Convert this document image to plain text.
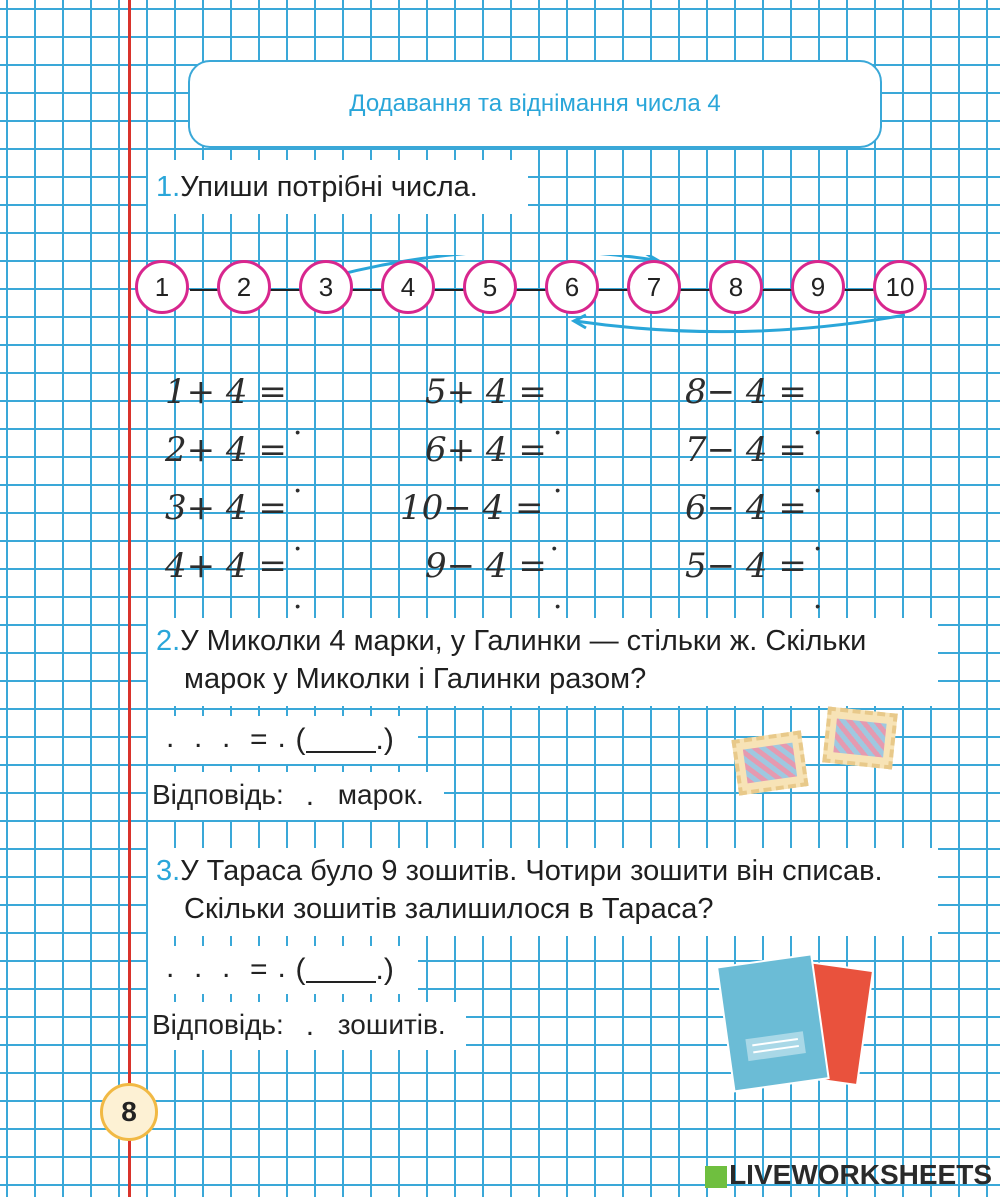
Додавання та віднімання числа 4
1.Упиши потрібні числа.
1	2	3	4	5	6	7	8	9	10
1+ 4 =
2+ 4 =
3+ 4 =
4+ 4 =
5+ 4 =
6+ 4 =
10− 4 =
9− 4 =
8− 4 =
7− 4 =
6− 4 =
5− 4 =
2.У Миколки 4 марки, у Галинки — стільки ж. Скільки
марок у Миколки і Галинки разом?
.
.
.
= .
( .)
Відповідь: . марок.
3.У Тараса було 9 зошитів. Чотири зошити він списав.
Скільки зошитів залишилося в Тараса?
.
.
.
= .
( .)
Відповідь: . зошитів.
8
LIVEWORKSHEETS
